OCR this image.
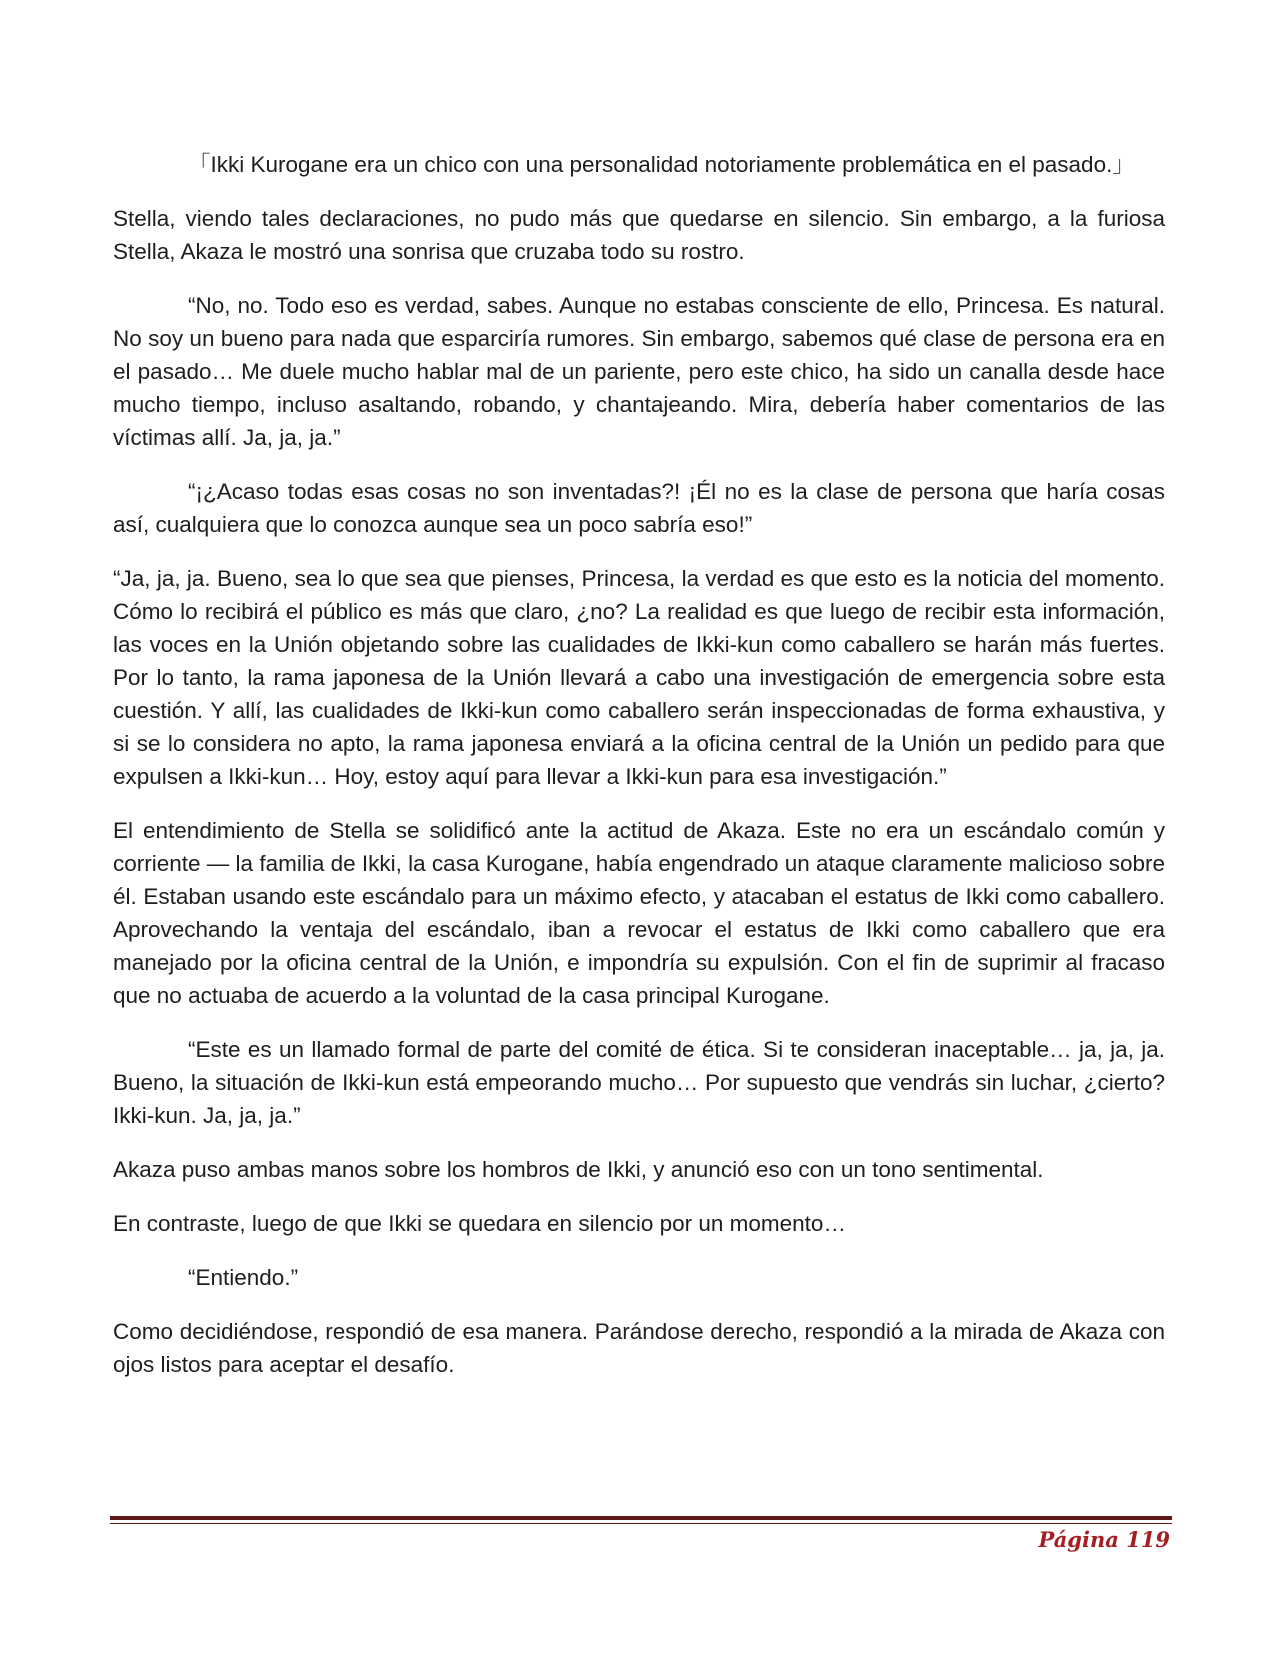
「Ikki Kurogane era un chico con una personalidad notoriamente problemática en el pasado.」

Stella, viendo tales declaraciones, no pudo más que quedarse en silencio. Sin embargo, a la furiosa Stella, Akaza le mostró una sonrisa que cruzaba todo su rostro.

“No, no. Todo eso es verdad, sabes. Aunque no estabas consciente de ello, Princesa. Es natural. No soy un bueno para nada que esparciría rumores. Sin embargo, sabemos qué clase de persona era en el pasado… Me duele mucho hablar mal de un pariente, pero este chico, ha sido un canalla desde hace mucho tiempo, incluso asaltando, robando, y chantajeando. Mira, debería haber comentarios de las víctimas allí. Ja, ja, ja.”

“¡¿Acaso todas esas cosas no son inventadas?! ¡Él no es la clase de persona que haría cosas así, cualquiera que lo conozca aunque sea un poco sabría eso!”

“Ja, ja, ja. Bueno, sea lo que sea que pienses, Princesa, la verdad es que esto es la noticia del momento. Cómo lo recibirá el público es más que claro, ¿no? La realidad es que luego de recibir esta información, las voces en la Unión objetando sobre las cualidades de Ikki-kun como caballero se harán más fuertes. Por lo tanto, la rama japonesa de la Unión llevará a cabo una investigación de emergencia sobre esta cuestión. Y allí, las cualidades de Ikki-kun como caballero serán inspeccionadas de forma exhaustiva, y si se lo considera no apto, la rama japonesa enviará a la oficina central de la Unión un pedido para que expulsen a Ikki-kun… Hoy, estoy aquí para llevar a Ikki-kun para esa investigación.”

El entendimiento de Stella se solidificó ante la actitud de Akaza. Este no era un escándalo común y corriente — la familia de Ikki, la casa Kurogane, había engendrado un ataque claramente malicioso sobre él. Estaban usando este escándalo para un máximo efecto, y atacaban el estatus de Ikki como caballero. Aprovechando la ventaja del escándalo, iban a revocar el estatus de Ikki como caballero que era manejado por la oficina central de la Unión, e impondría su expulsión. Con el fin de suprimir al fracaso que no actuaba de acuerdo a la voluntad de la casa principal Kurogane.

“Este es un llamado formal de parte del comité de ética. Si te consideran inaceptable… ja, ja, ja. Bueno, la situación de Ikki-kun está empeorando mucho… Por supuesto que vendrás sin luchar, ¿cierto? Ikki-kun. Ja, ja, ja.”

Akaza puso ambas manos sobre los hombros de Ikki, y anunció eso con un tono sentimental.

En contraste, luego de que Ikki se quedara en silencio por un momento…

“Entiendo.”

Como decidiéndose, respondió de esa manera. Parándose derecho, respondió a la mirada de Akaza con ojos listos para aceptar el desafío.

Página 119
